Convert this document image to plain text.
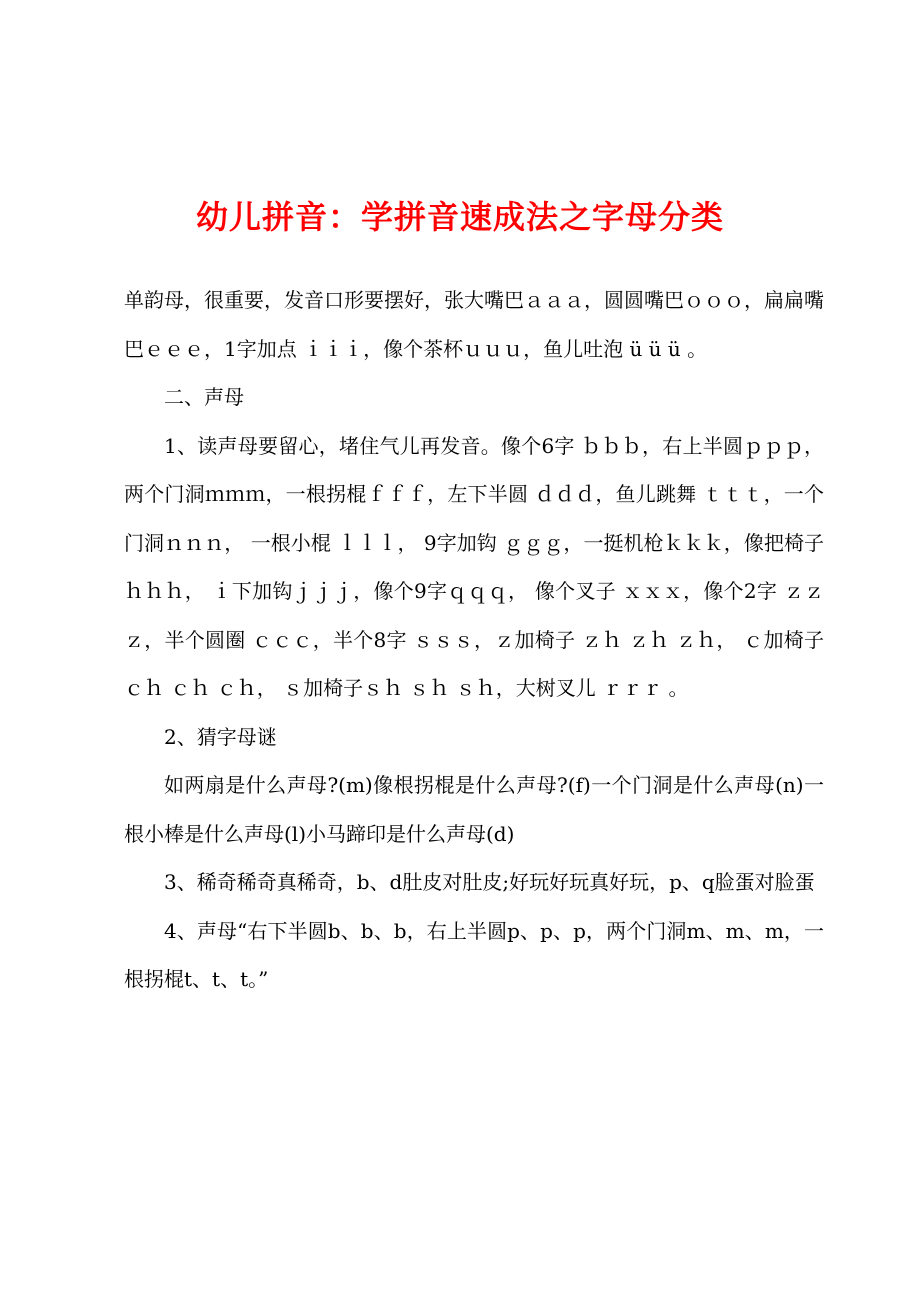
幼儿拼音：学拼音速成法之字母分类

单韵母，很重要，发音口形要摆好，张大嘴巴ａａａ，圆圆嘴巴ｏｏｏ，扁扁嘴巴ｅｅｅ，1字加点 ｉｉｉ，像个茶杯ｕｕｕ，鱼儿吐泡 ü ü ü 。

二、声母

1、读声母要留心，堵住气儿再发音。像个6字 ｂｂｂ，右上半圆ｐｐｐ，两个门洞ｍｍｍ，一根拐棍ｆｆｆ，左下半圆 ｄｄｄ，鱼儿跳舞 ｔｔｔ，一个门洞ｎｎｎ， 一根小棍 ｌｌｌ， 9字加钩 ｇｇｇ，一挺机枪ｋｋｋ，像把椅子ｈｈｈ， ｉ下加钩ｊｊｊ，像个9字ｑｑｑ， 像个叉子 ｘｘｘ，像个2字 ｚｚｚ，半个圆圈 ｃｃｃ，半个8字 ｓｓｓ，ｚ加椅子 ｚｈ ｚｈ ｚｈ， ｃ加椅子 ｃｈ ｃｈ ｃｈ， ｓ加椅子ｓｈ ｓｈ ｓｈ，大树叉儿 ｒｒｒ 。

2、猜字母谜

如两扇是什么声母?(m)像根拐棍是什么声母?(f)一个门洞是什么声母(n)一根小棒是什么声母(l)小马蹄印是什么声母(d)

3、稀奇稀奇真稀奇，b、d肚皮对肚皮;好玩好玩真好玩，p、q脸蛋对脸蛋

4、声母“右下半圆b、b、b，右上半圆p、p、p，两个门洞m、m、m，一根拐棍t、t、t。”
